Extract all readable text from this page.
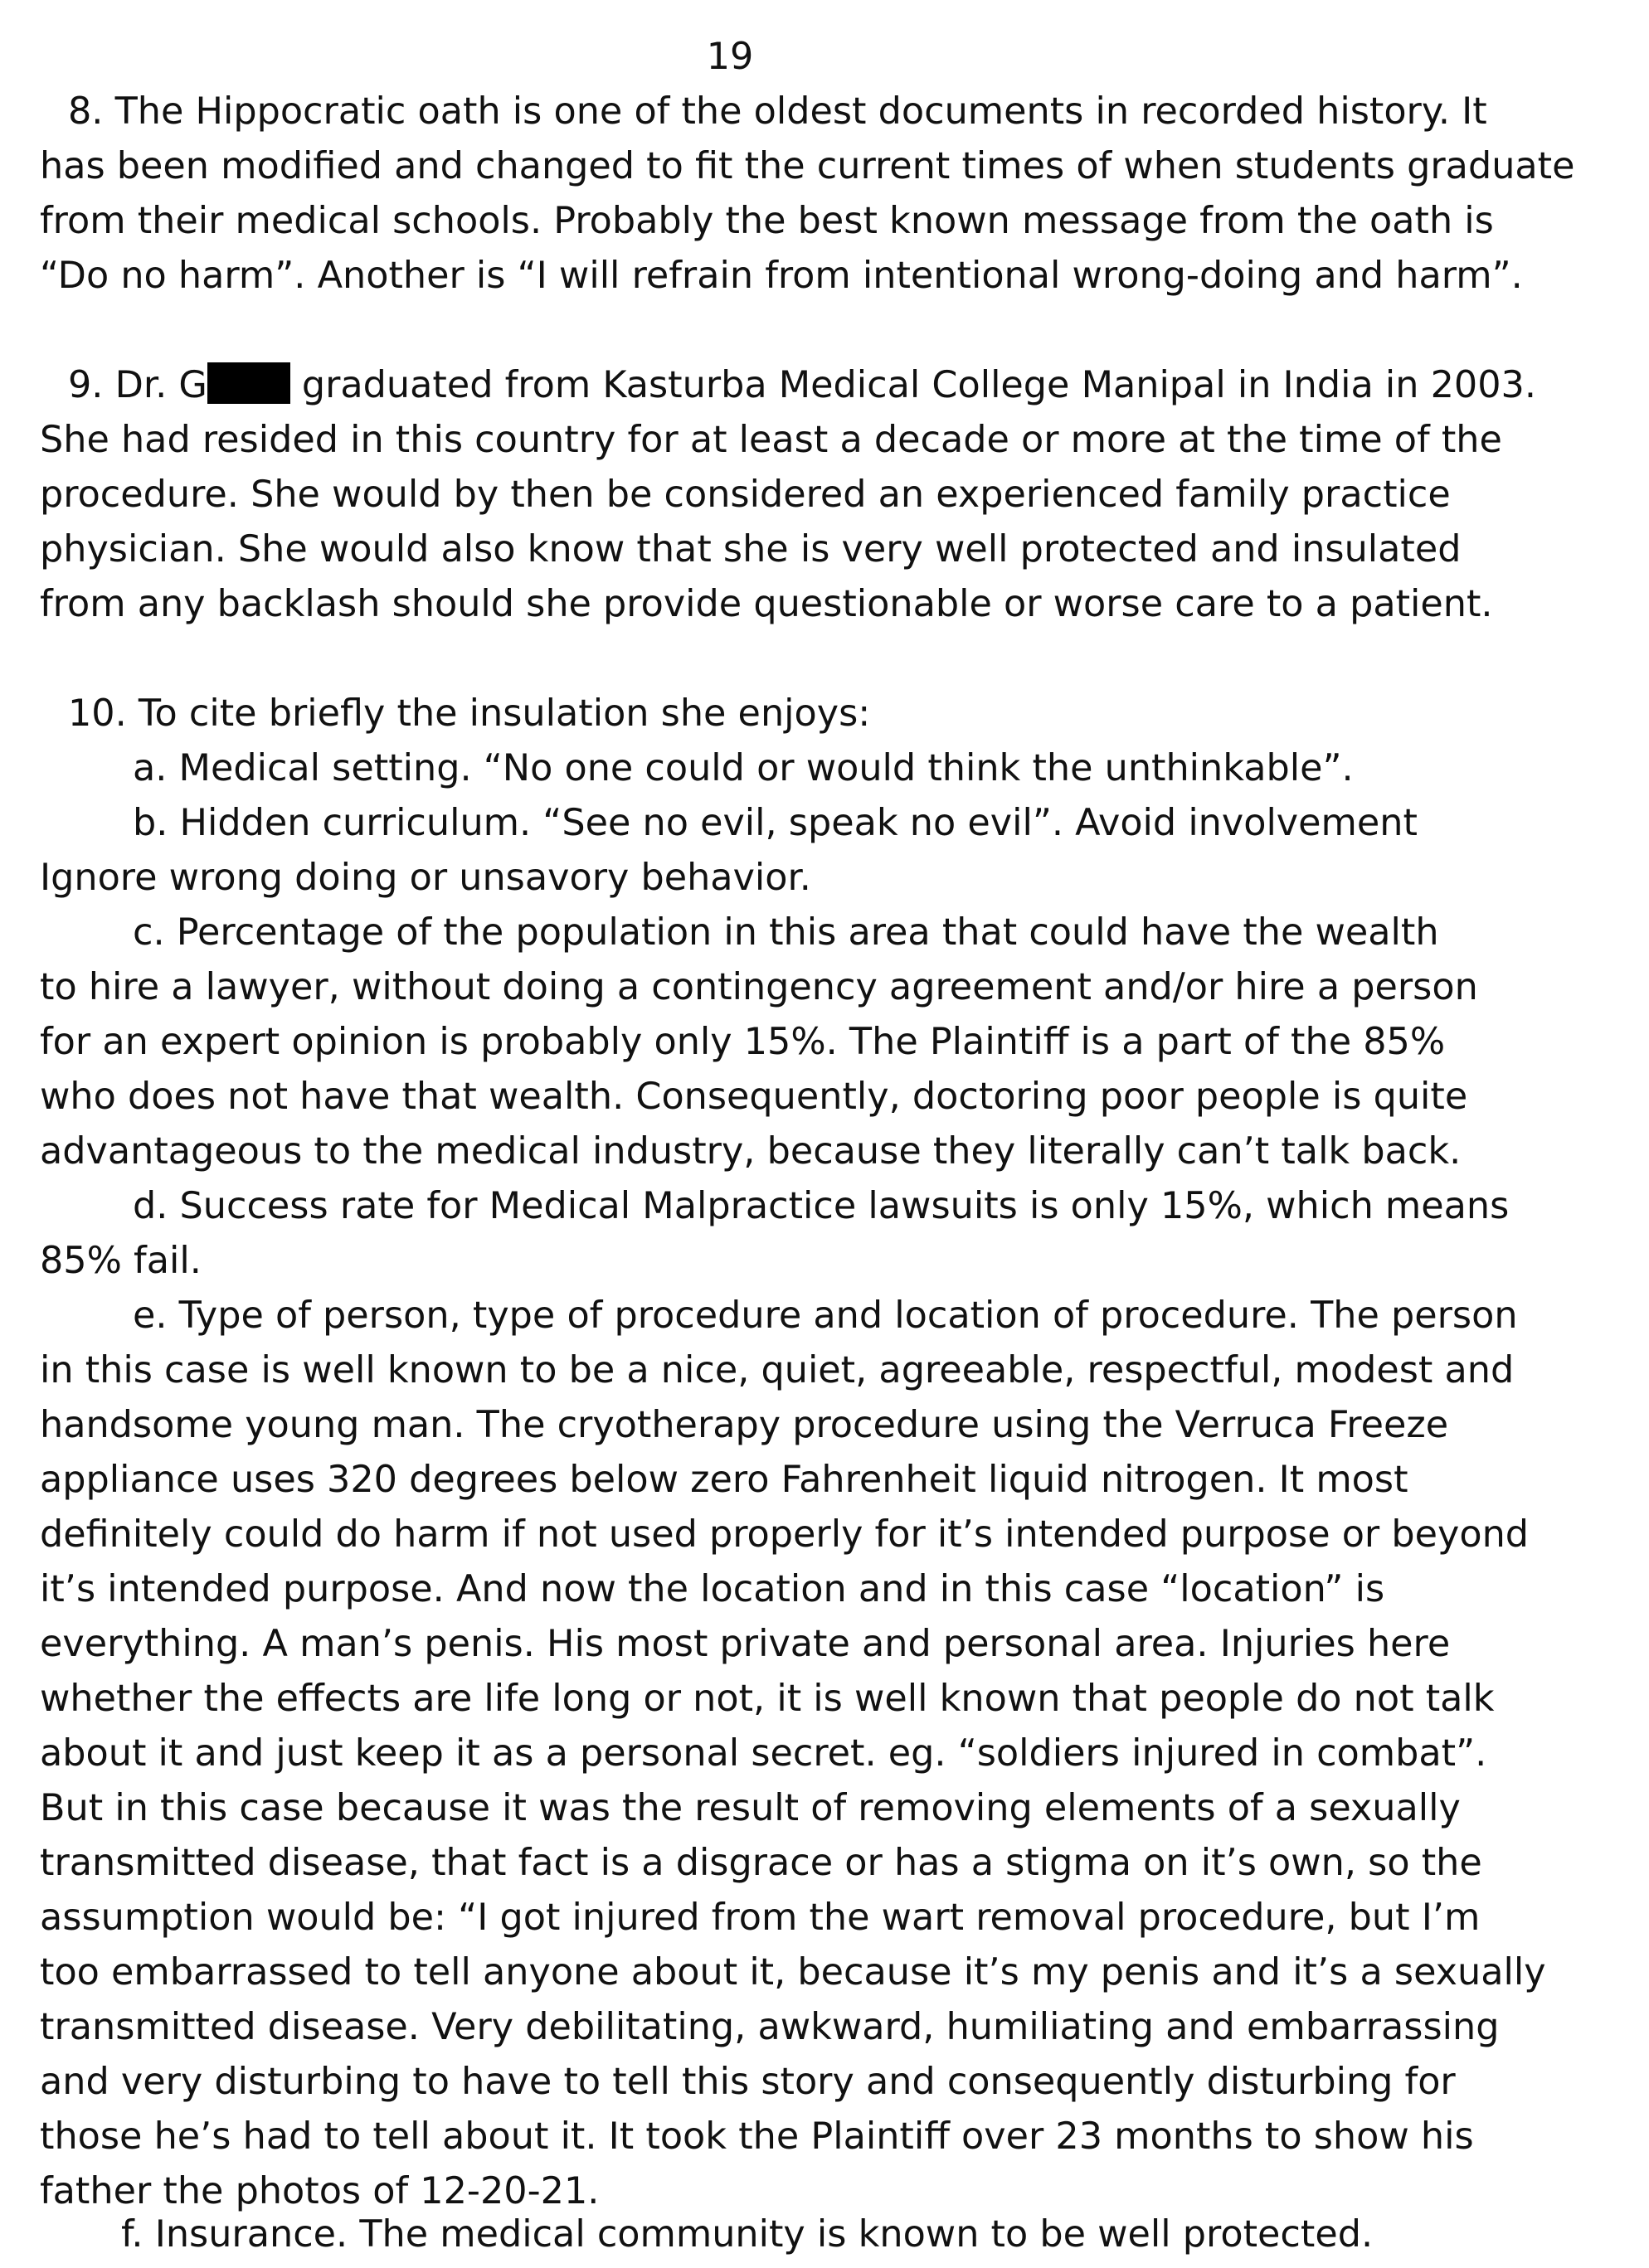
19
8. The Hippocratic oath is one of the oldest documents in recorded history. It
has been modified and changed to fit the current times of when students graduate
from their medical schools. Probably the best known message from the oath is
“Do no harm”. Another is “I will refrain from intentional wrong-doing and harm”.
9. Dr. G	graduated from Kasturba Medical College Manipal in India in 2003.
She had resided in this country for at least a decade or more at the time of the
procedure. She would by then be considered an experienced family practice
physician. She would also know that she is very well protected and insulated
from any backlash should she provide questionable or worse care to a patient.
10. To cite briefly the insulation she enjoys:
a. Medical setting. “No one could or would think the unthinkable”.
b. Hidden curriculum. “See no evil, speak no evil”. Avoid involvement
Ignore wrong doing or unsavory behavior.
c. Percentage of the population in this area that could have the wealth
to hire a lawyer, without doing a contingency agreement and/or hire a person
for an expert opinion is probably only 15%. The Plaintiff is a part of the 85%
who does not have that wealth. Consequently, doctoring poor people is quite
advantageous to the medical industry, because they literally can’t talk back.
d. Success rate for Medical Malpractice lawsuits is only 15%, which means
85% fail.
e. Type of person, type of procedure and location of procedure. The person
in this case is well known to be a nice, quiet, agreeable, respectful, modest and
handsome young man. The cryotherapy procedure using the Verruca Freeze
appliance uses 320 degrees below zero Fahrenheit liquid nitrogen. It most
definitely could do harm if not used properly for it’s intended purpose or beyond
it’s intended purpose. And now the location and in this case “location” is
everything. A man’s penis. His most private and personal area. Injuries here
whether the effects are life long or not, it is well known that people do not talk
about it and just keep it as a personal secret. eg. “soldiers injured in combat”.
But in this case because it was the result of removing elements of a sexually
transmitted disease, that fact is a disgrace or has a stigma on it’s own, so the
assumption would be: “I got injured from the wart removal procedure, but I’m
too embarrassed to tell anyone about it, because it’s my penis and it’s a sexually
transmitted disease. Very debilitating, awkward, humiliating and embarrassing
and very disturbing to have to tell this story and consequently disturbing for
those he’s had to tell about it. It took the Plaintiff over 23 months to show his
father the photos of 12-20-21.
f. Insurance. The medical community is known to be well protected.
